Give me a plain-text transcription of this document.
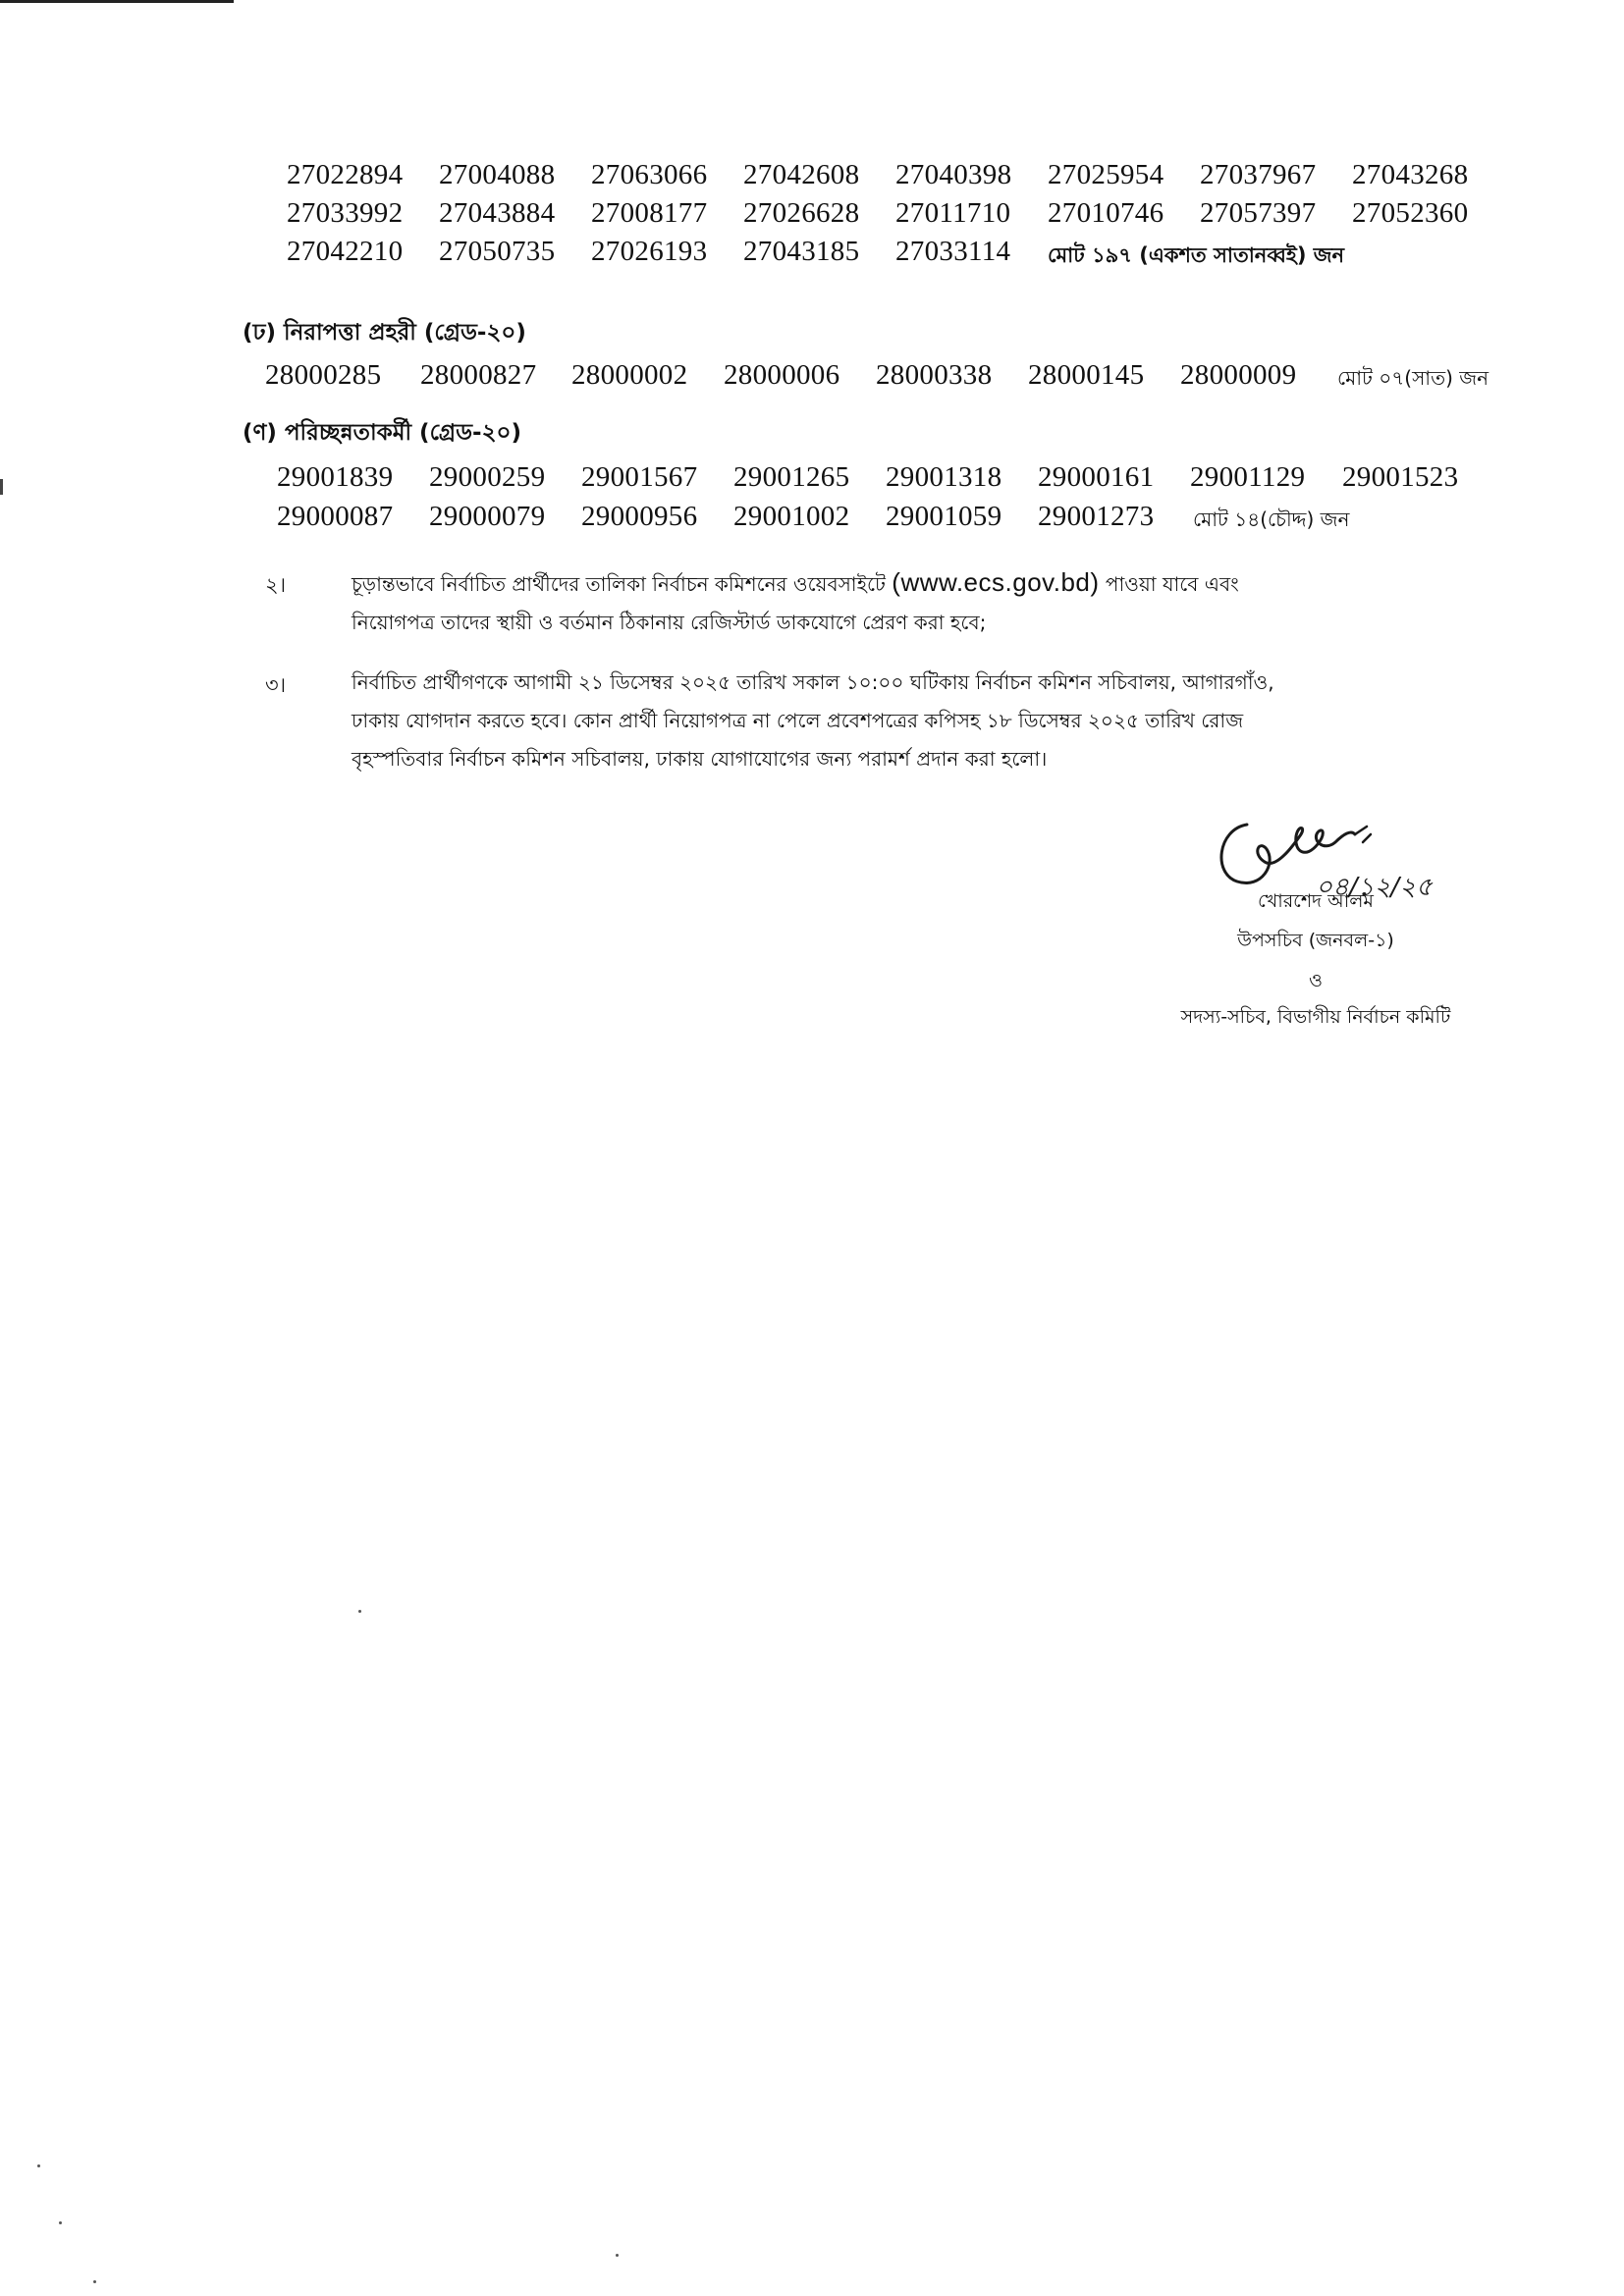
27022894 27004088 27063066 27042608 27040398 27025954 27037967 27043268
27033992 27043884 27008177 27026628 27011710 27010746 27057397 27052360
27042210 27050735 27026193 27043185 27033114 মোট ১৯৭ (একশত সাতানব্বই) জন
(ঢ) নিরাপত্তা প্রহরী (গ্রেড-২০)
28000285 28000827 28000002 28000006 28000338 28000145 28000009 মোট ০৭(সাত) জন
(ণ) পরিচ্ছন্নতাকর্মী (গ্রেড-২০)
29001839 29000259 29001567 29001265 29001318 29000161 29001129 29001523
29000087 29000079 29000956 29001002 29001059 29001273 মোট ১৪(চৌদ্দ) জন
২।	চূড়ান্তভাবে নির্বাচিত প্রার্থীদের তালিকা নির্বাচন কমিশনের ওয়েবসাইটে (www.ecs.gov.bd) পাওয়া যাবে এবং
নিয়োগপত্র তাদের স্থায়ী ও বর্তমান ঠিকানায় রেজিস্টার্ড ডাকযোগে প্রেরণ করা হবে;
৩।	নির্বাচিত প্রার্থীগণকে আগামী ২১ ডিসেম্বর ২০২৫ তারিখ সকাল ১০:০০ ঘটিকায় নির্বাচন কমিশন সচিবালয়, আগারগাঁও,
ঢাকায় যোগদান করতে হবে। কোন প্রার্থী নিয়োগপত্র না পেলে প্রবেশপত্রের কপিসহ ১৮ ডিসেম্বর ২০২৫ তারিখ রোজ
বৃহস্পতিবার নির্বাচন কমিশন সচিবালয়, ঢাকায় যোগাযোগের জন্য পরামর্শ প্রদান করা হলো।
০৪/১২/২৫
খোরশেদ আলম
উপসচিব (জনবল-১)
ও
সদস্য-সচিব, বিভাগীয় নির্বাচন কমিটি
